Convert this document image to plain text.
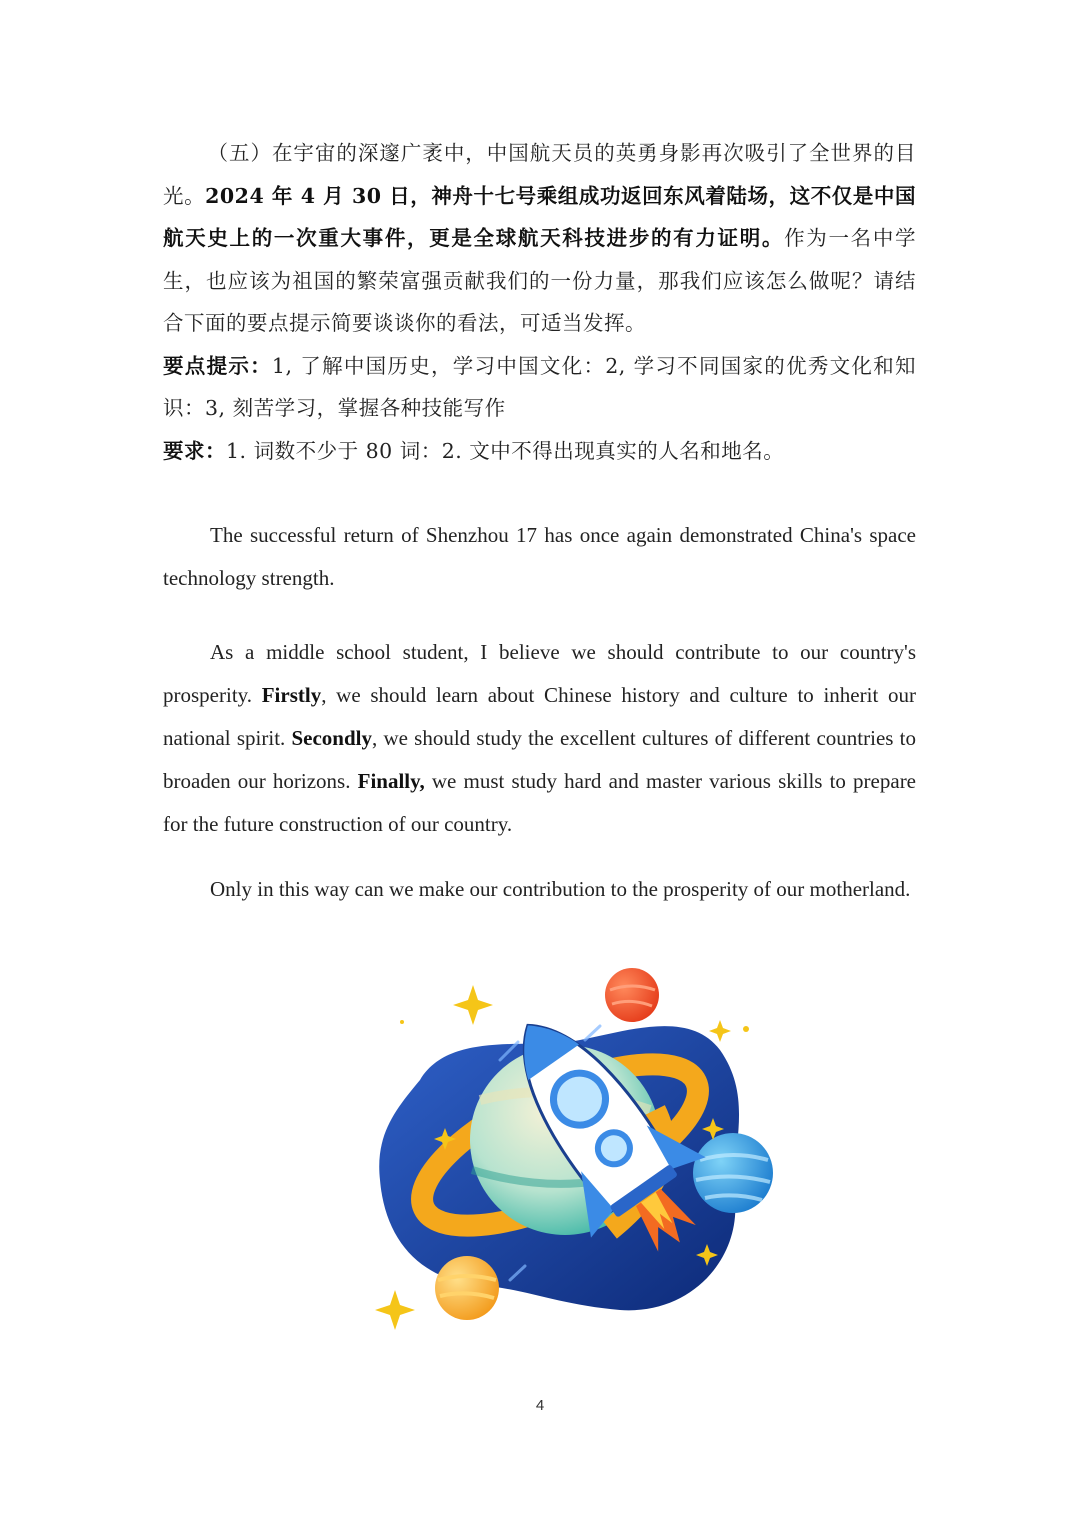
（五）在宇宙的深邃广袤中，中国航天员的英勇身影再次吸引了全世界的目光。2024 年 4 月 30 日，神舟十七号乘组成功返回东风着陆场，这不仅是中国航天史上的一次重大事件，更是全球航天科技进步的有力证明。作为一名中学生，也应该为祖国的繁荣富强贡献我们的一份力量，那我们应该怎么做呢？请结合下面的要点提示简要谈谈你的看法，可适当发挥。

要点提示：1, 了解中国历史，学习中国文化：2, 学习不同国家的优秀文化和知识：3, 刻苦学习，掌握各种技能写作

要求：1. 词数不少于 80 词：2. 文中不得出现真实的人名和地名。

The successful return of Shenzhou 17 has once again demonstrated China's space technology strength.

As a middle school student, I believe we should contribute to our country's prosperity. Firstly, we should learn about Chinese history and culture to inherit our national spirit. Secondly, we should study the excellent cultures of different countries to broaden our horizons. Finally, we must study hard and master various skills to prepare for the future construction of our country.

Only in this way can we make our contribution to the prosperity of our motherland.

4
